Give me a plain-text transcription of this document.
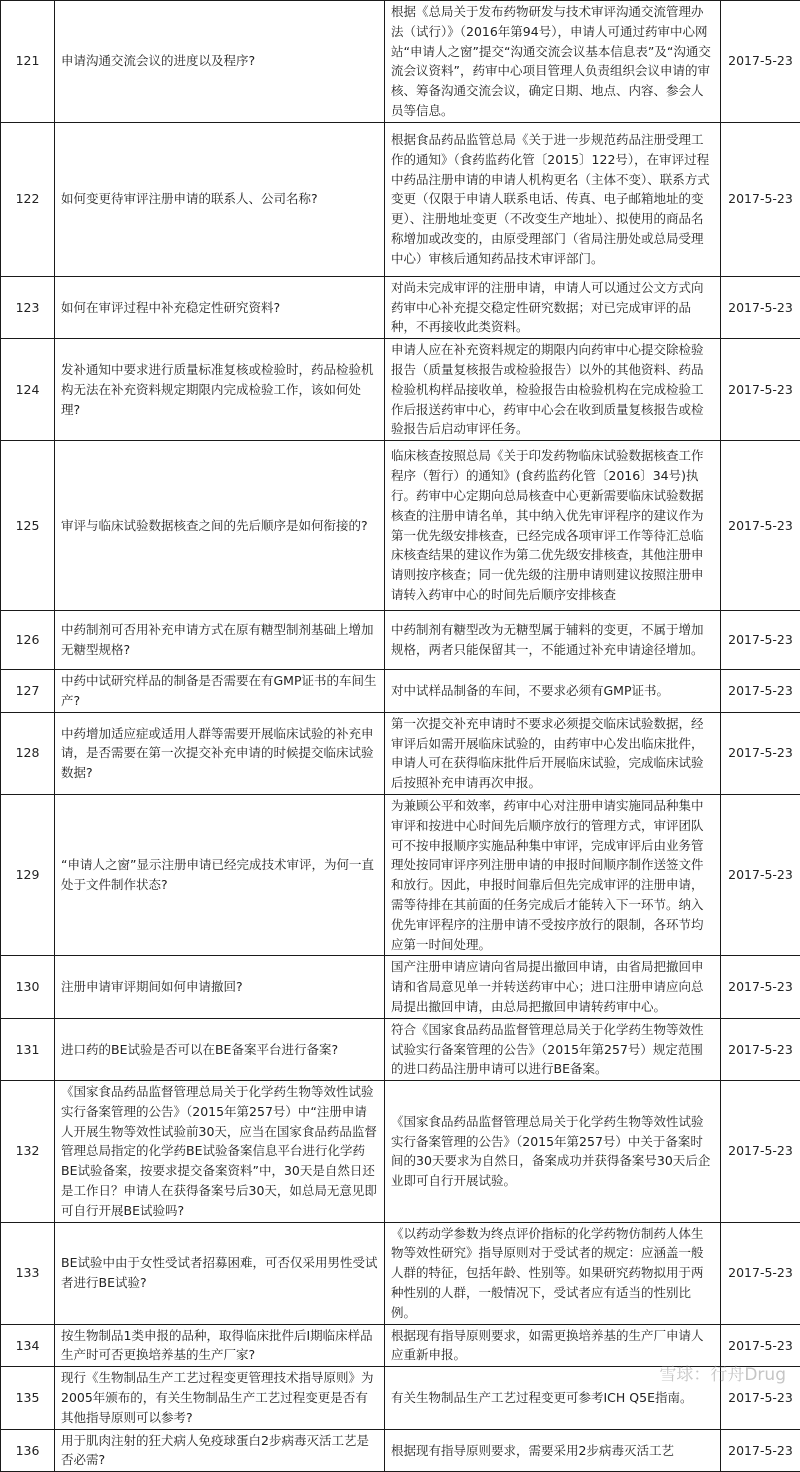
121	申请沟通交流会议的进度以及程序?	根据《总局关于发布药物研发与技术审评沟通交流管理办法（试行）》（2016年第94号），申请人可通过药审中心网站“申请人之窗”提交“沟通交流会议基本信息表”及“沟通交流会议资料”，药审中心项目管理人负责组织会议申请的审核、筹备沟通交流会议，确定日期、地点、内容、参会人员等信息。	2017-5-23
122	如何变更待审评注册申请的联系人、公司名称?	根据食品药品监管总局《关于进一步规范药品注册受理工作的通知》（食药监药化管〔2015〕122号），在审评过程中药品注册申请的申请人机构更名（主体不变）、联系方式变更（仅限于申请人联系电话、传真、电子邮箱地址的变更）、注册地址变更（不改变生产地址）、拟使用的商品名称增加或改变的，由原受理部门（省局注册处或总局受理中心）审核后通知药品技术审评部门。	2017-5-23
123	如何在审评过程中补充稳定性研究资料?	对尚未完成审评的注册申请，申请人可以通过公文方式向药审中心补充提交稳定性研究数据；对已完成审评的品种，不再接收此类资料。	2017-5-23
124	发补通知中要求进行质量标准复核或检验时，药品检验机构无法在补充资料规定期限内完成检验工作，该如何处理?	申请人应在补充资料规定的期限内向药审中心提交除检验报告（质量复核报告或检验报告）以外的其他资料、药品检验机构样品接收单，检验报告由检验机构在完成检验工作后报送药审中心，药审中心会在收到质量复核报告或检验报告后启动审评任务。	2017-5-23
125	审评与临床试验数据核查之间的先后顺序是如何衔接的?	临床核查按照总局《关于印发药物临床试验数据核查工作程序（暂行）的通知》(食药监药化管〔2016〕34号)执行。药审中心定期向总局核查中心更新需要临床试验数据核查的注册申请名单，其中纳入优先审评程序的建议作为第一优先级安排核查，已经完成各项审评工作等待汇总临床核查结果的建议作为第二优先级安排核查，其他注册申请则按序核查；同一优先级的注册申请则建议按照注册申请转入药审中心的时间先后顺序安排核查	2017-5-23
126	中药制剂可否用补充申请方式在原有糖型制剂基础上增加无糖型规格?	中药制剂有糖型改为无糖型属于辅料的变更，不属于增加规格，两者只能保留其一，不能通过补充申请途径增加。	2017-5-23
127	中药中试研究样品的制备是否需要在有GMP证书的车间生产?	对中试样品制备的车间，不要求必须有GMP证书。	2017-5-23
128	中药增加适应症或适用人群等需要开展临床试验的补充申请，是否需要在第一次提交补充申请的时候提交临床试验数据?	第一次提交补充申请时不要求必须提交临床试验数据，经审评后如需开展临床试验的，由药审中心发出临床批件，申请人可在获得临床批件后开展临床试验，完成临床试验后按照补充申请再次申报。	2017-5-23
129	“申请人之窗”显示注册申请已经完成技术审评，为何一直处于文件制作状态?	为兼顾公平和效率，药审中心对注册申请实施同品种集中审评和按进中心时间先后顺序放行的管理方式，审评团队可不按申报顺序实施品种集中审评，完成审评后由业务管理处按同审评序列注册申请的申报时间顺序制作送签文件和放行。因此，申报时间靠后但先完成审评的注册申请，需等待排在其前面的任务完成后才能转入下一环节。纳入优先审评程序的注册申请不受按序放行的限制，各环节均应第一时间处理。	2017-5-23
130	注册申请审评期间如何申请撤回?	国产注册申请应请向省局提出撤回申请，由省局把撤回申请和省局意见单一并转送药审中心；进口注册申请应向总局提出撤回申请，由总局把撤回申请转药审中心。	2017-5-23
131	进口药的BE试验是否可以在BE备案平台进行备案?	符合《国家食品药品监督管理总局关于化学药生物等效性试验实行备案管理的公告》（2015年第257号）规定范围的进口药品注册申请可以进行BE备案。	2017-5-23
132	《国家食品药品监督管理总局关于化学药生物等效性试验实行备案管理的公告》（2015年第257号）中“注册申请人开展生物等效性试验前30天，应当在国家食品药品监督管理总局指定的化学药BE试验备案信息平台进行化学药BE试验备案，按要求提交备案资料”中，30天是自然日还是工作日？申请人在获得备案号后30天，如总局无意见即可自行开展BE试验吗?	《国家食品药品监督管理总局关于化学药生物等效性试验实行备案管理的公告》（2015年第257号）中关于备案时间的30天要求为自然日，备案成功并获得备案号30天后企业即可自行开展试验。	2017-5-23
133	BE试验中由于女性受试者招募困难，可否仅采用男性受试者进行BE试验?	《以药动学参数为终点评价指标的化学药物仿制药人体生物等效性研究》指导原则对于受试者的规定：应涵盖一般人群的特征，包括年龄、性别等。如果研究药物拟用于两种性别的人群，一般情况下，受试者应有适当的性别比例。	2017-5-23
134	按生物制品1类申报的品种，取得临床批件后Ⅰ期临床样品生产时可否更换培养基的生产厂家?	根据现有指导原则要求，如需更换培养基的生产厂申请人应重新申报。	2017-5-23
135	现行《生物制品生产工艺过程变更管理技术指导原则》为2005年颁布的，有关生物制品生产工艺过程变更是否有其他指导原则可以参考?	有关生物制品生产工艺过程变更可参考ICH Q5E指南。	2017-5-23
136	用于肌肉注射的狂犬病人免疫球蛋白2步病毒灭活工艺是否必需?	根据现有指导原则要求，需要采用2步病毒灭活工艺	2017-5-23
雪球：行舟Drug
